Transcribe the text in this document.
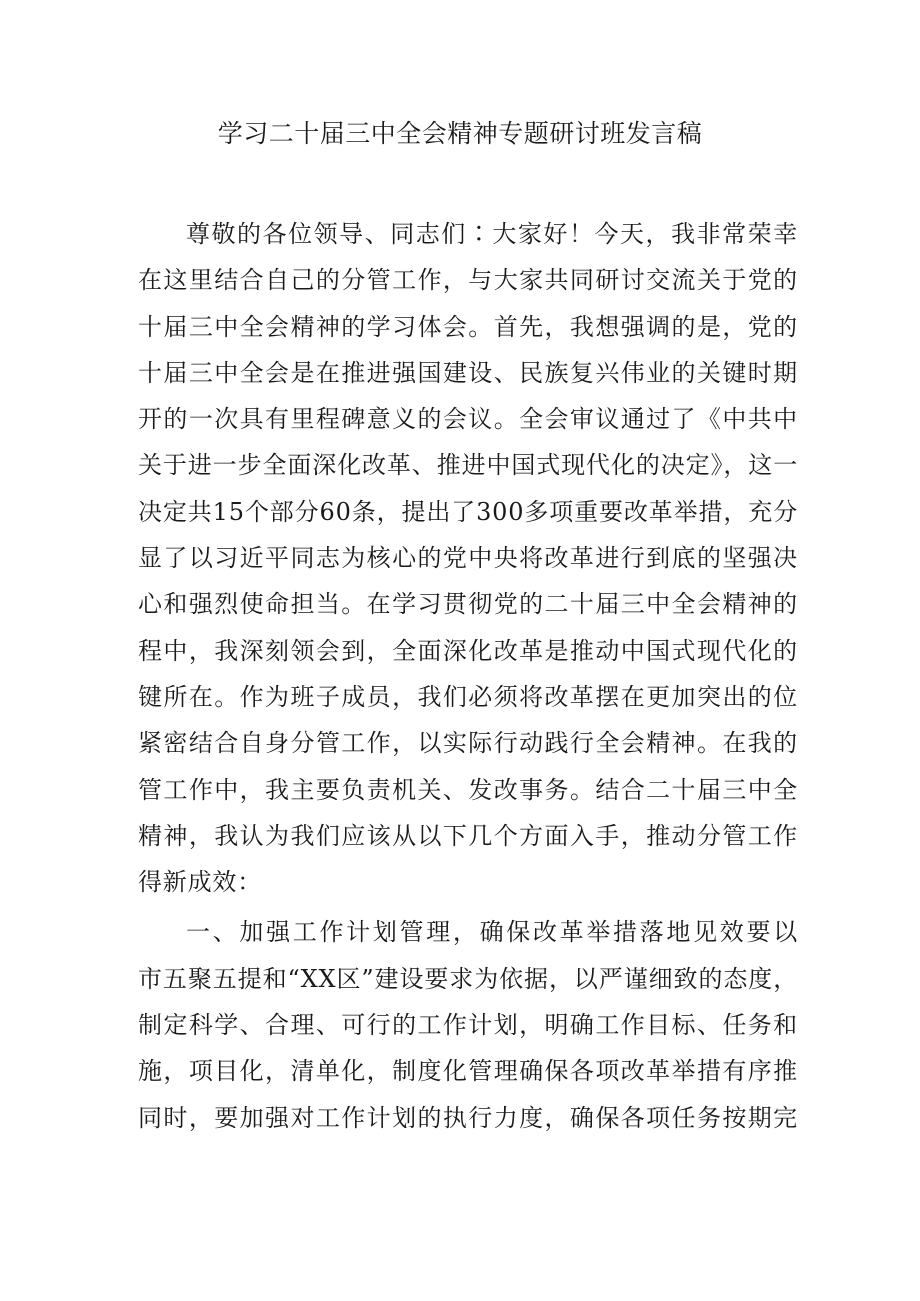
学习二十届三中全会精神专题研讨班发言稿
尊敬的各位领导、同志们∶大家好！今天，我非常荣幸
在这里结合自己的分管工作，与大家共同研讨交流关于党的
十届三中全会精神的学习体会。首先，我想强调的是，党的
十届三中全会是在推进强国建设、民族复兴伟业的关键时期
开的一次具有里程碑意义的会议。全会审议通过了《中共中
关于进一步全面深化改革、推进中国式现代化的决定》，这一
决定共15个部分60条，提出了300多项重要改革举措，充分
显了以习近平同志为核心的党中央将改革进行到底的坚强决
心和强烈使命担当。在学习贯彻党的二十届三中全会精神的
程中，我深刻领会到，全面深化改革是推动中国式现代化的
键所在。作为班子成员，我们必须将改革摆在更加突出的位
紧密结合自身分管工作，以实际行动践行全会精神。在我的
管工作中，我主要负责机关、发改事务。结合二十届三中全
精神，我认为我们应该从以下几个方面入手，推动分管工作
得新成效：
一、加强工作计划管理，确保改革举措落地见效要以
市五聚五提和“XX区”建设要求为依据，以严谨细致的态度，
制定科学、合理、可行的工作计划，明确工作目标、任务和
施，项目化，清单化，制度化管理确保各项改革举措有序推
同时，要加强对工作计划的执行力度，确保各项任务按期完
